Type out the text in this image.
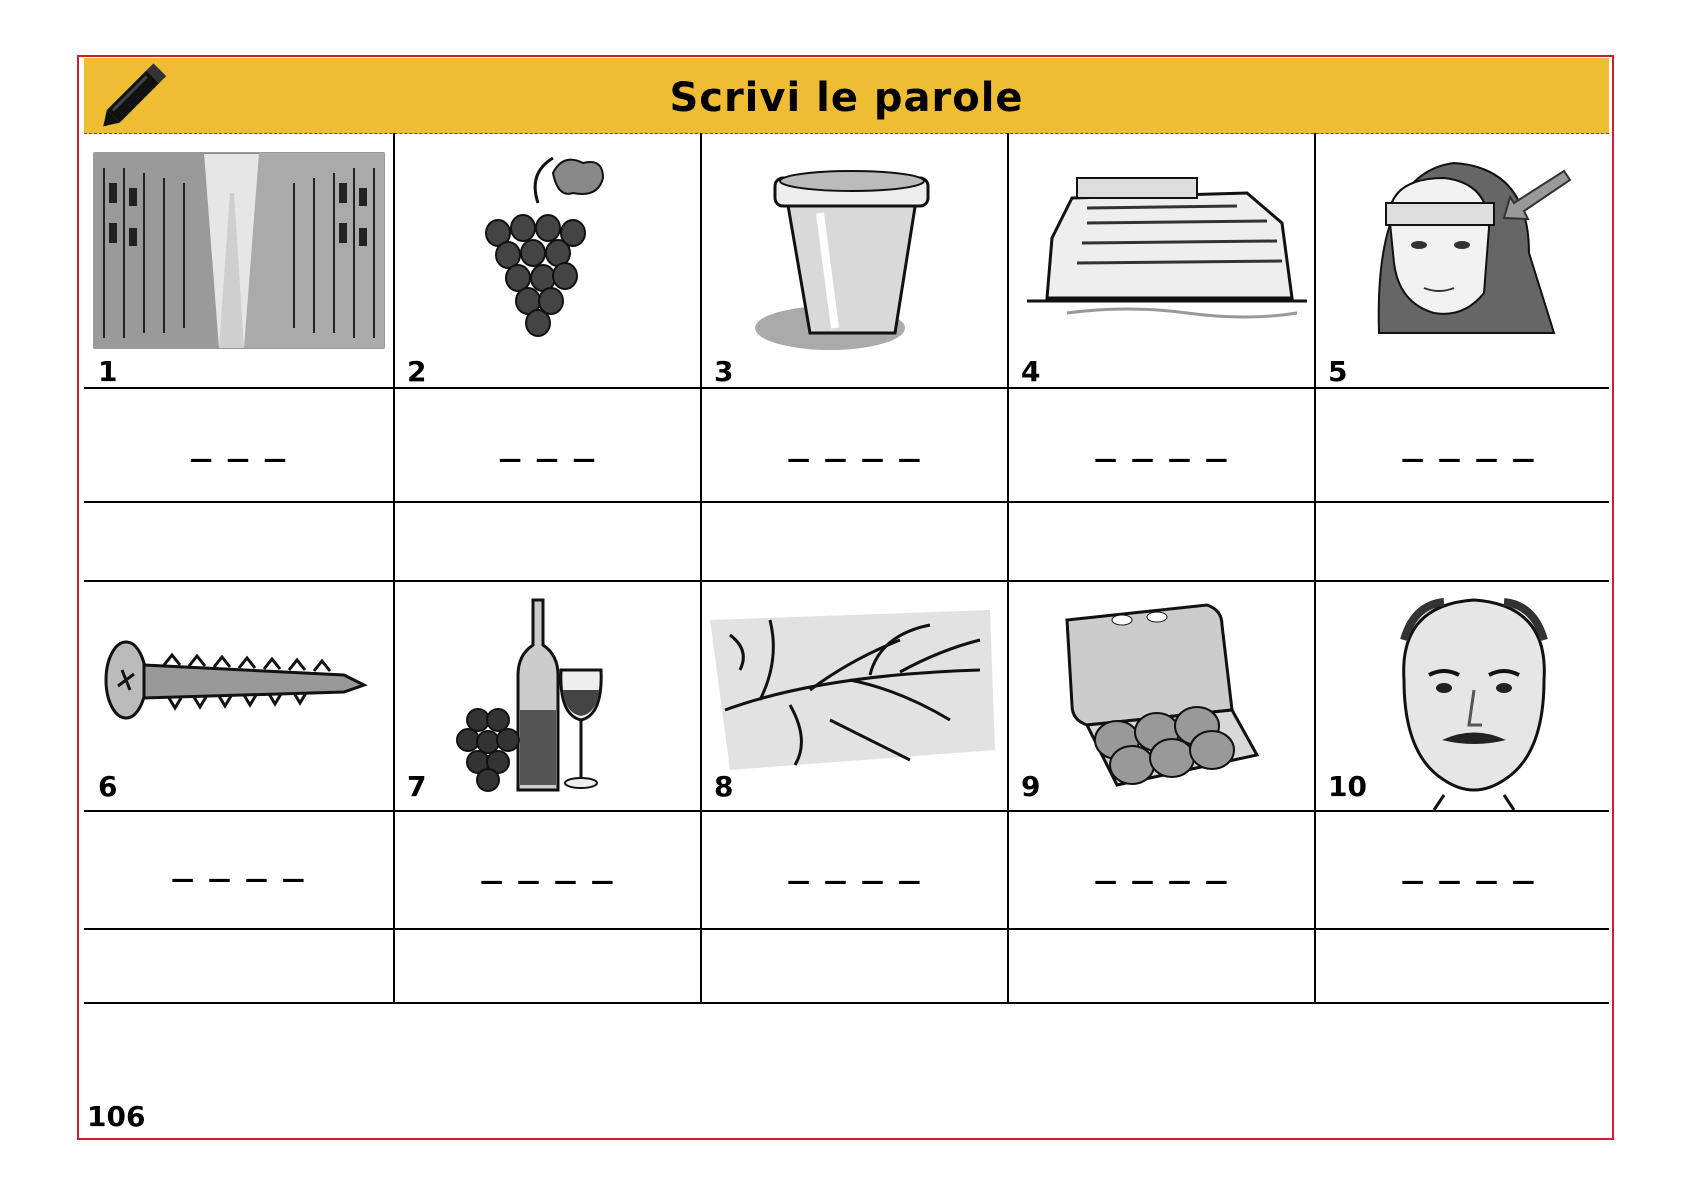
Scrivi le parole
1	2	3	4	5
_ _ _	_ _ _	_ _ _ _	_ _ _ _	_ _ _ _
6	7	8	9	10
_ _ _ _	_ _ _ _	_ _ _ _	_ _ _ _	_ _ _ _
106
